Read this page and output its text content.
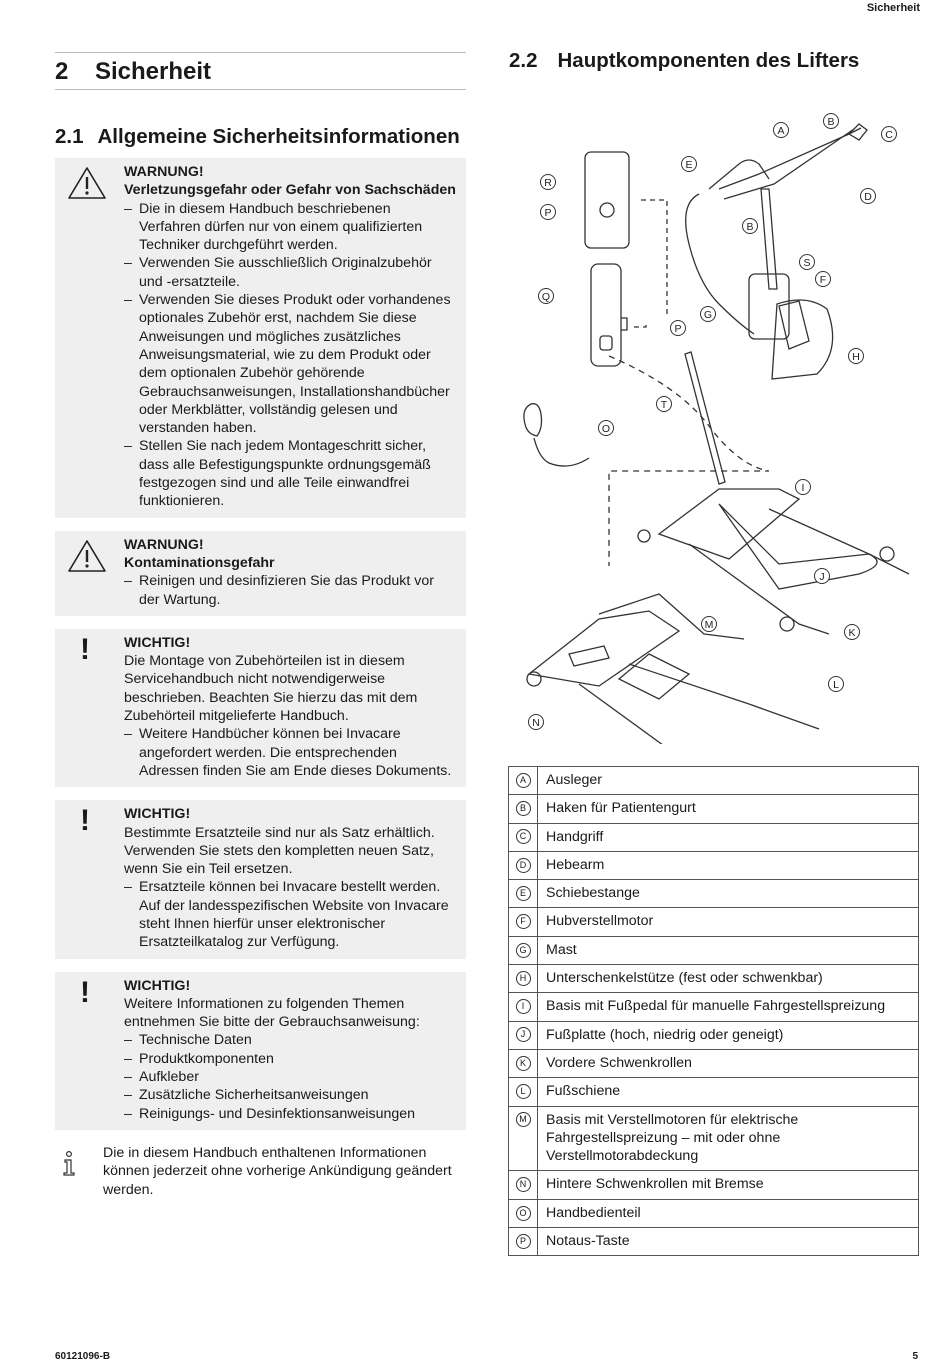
Sicherheit
2	Sicherheit
2.1 Allgemeine Sicherheitsinformationen
WARNUNG!
Verletzungsgefahr oder Gefahr von Sachschäden
– Die in diesem Handbuch beschriebenen Verfahren dürfen nur von einem qualifizierten Techniker durchgeführt werden.
– Verwenden Sie ausschließlich Originalzubehör und -ersatzteile.
– Verwenden Sie dieses Produkt oder vorhandenes optionales Zubehör erst, nachdem Sie diese Anweisungen und mögliches zusätzliches Anweisungsmaterial, wie zu dem Produkt oder dem optionalen Zubehör gehörende Gebrauchsanweisungen, Installationshandbücher oder Merkblätter, vollständig gelesen und verstanden haben.
– Stellen Sie nach jedem Montageschritt sicher, dass alle Befestigungspunkte ordnungsgemäß festgezogen sind und alle Teile einwandfrei funktionieren.
WARNUNG!
Kontaminationsgefahr
– Reinigen und desinfizieren Sie das Produkt vor der Wartung.
! WICHTIG!
Die Montage von Zubehörteilen ist in diesem Servicehandbuch nicht notwendigerweise beschrieben. Beachten Sie hierzu das mit dem Zubehörteil mitgelieferte Handbuch.
– Weitere Handbücher können bei Invacare angefordert werden. Die entsprechenden Adressen finden Sie am Ende dieses Dokuments.
! WICHTIG!
Bestimmte Ersatzteile sind nur als Satz erhältlich. Verwenden Sie stets den kompletten neuen Satz, wenn Sie ein Teil ersetzen.
– Ersatzteile können bei Invacare bestellt werden. Auf der landesspezifischen Website von Invacare steht Ihnen hierfür unser elektronischer Ersatzteilkatalog zur Verfügung.
! WICHTIG!
Weitere Informationen zu folgenden Themen entnehmen Sie bitte der Gebrauchsanweisung:
– Technische Daten
– Produktkomponenten
– Aufkleber
– Zusätzliche Sicherheitsanweisungen
– Reinigungs- und Desinfektionsanweisungen
Die in diesem Handbuch enthaltenen Informationen können jederzeit ohne vorherige Ankündigung geändert werden.
2.2 Hauptkomponenten des Lifters
A
B
C
D
E
B
R
P
Q
P
S
F
G
H
T
O
I
J
M
K
L
N
A	Ausleger
B	Haken für Patientengurt
C	Handgriff
D	Hebearm
E	Schiebestange
F	Hubverstellmotor
G	Mast
H	Unterschenkelstütze (fest oder schwenkbar)
I	Basis mit Fußpedal für manuelle Fahrgestellspreizung
J	Fußplatte (hoch, niedrig oder geneigt)
K	Vordere Schwenkrollen
L	Fußschiene
M	Basis mit Verstellmotoren für elektrische Fahrgestellspreizung – mit oder ohne Verstellmotorabdeckung
N	Hintere Schwenkrollen mit Bremse
O	Handbedienteil
P	Notaus-Taste
60121096-B	5
